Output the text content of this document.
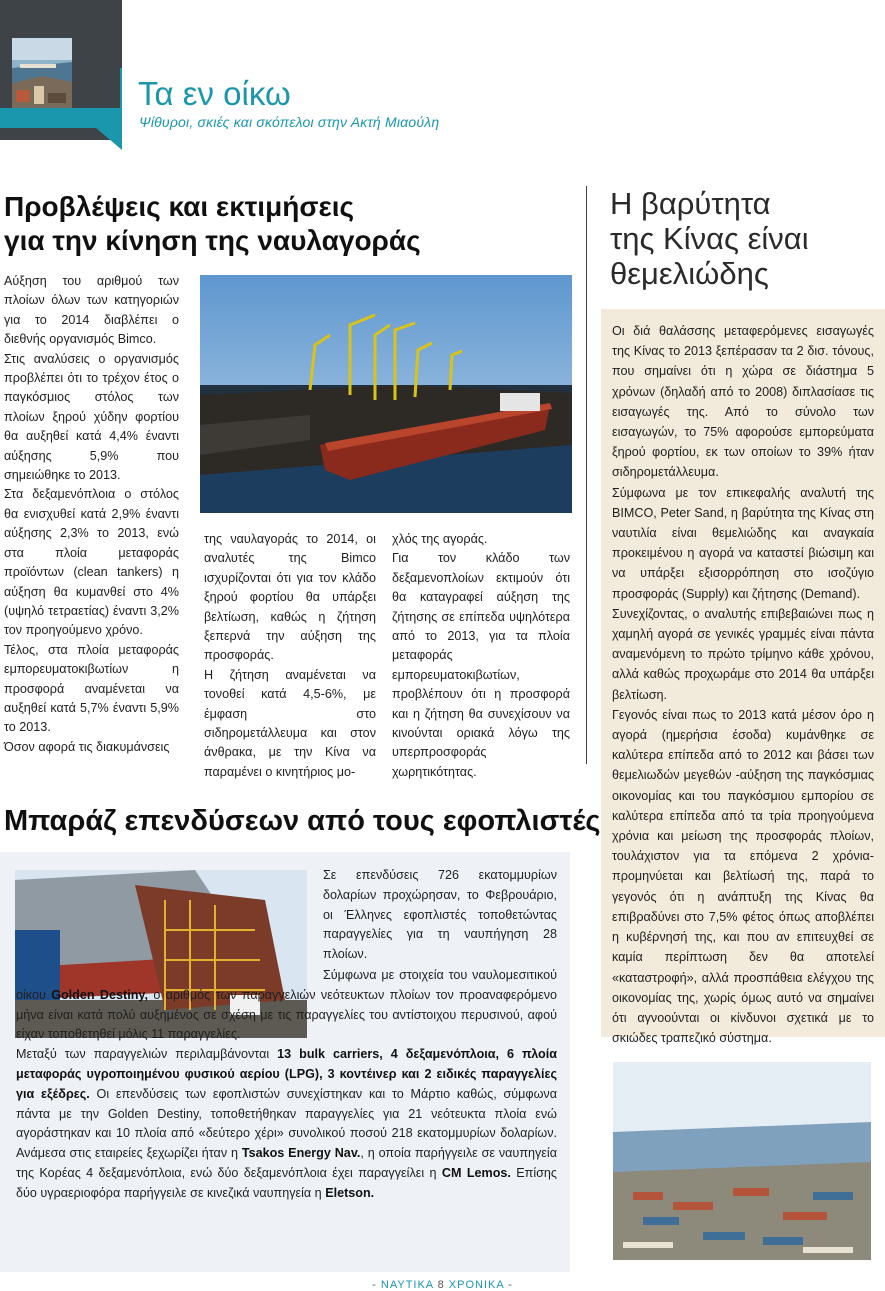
Τα εν οίκω
Ψίθυροι, σκιές και σκόπελοι στην Ακτή Μιαούλη
Προβλέψεις και εκτιμήσεις
για την κίνηση της ναυλαγοράς

Αύξηση του αριθμού των πλοίων όλων των κατηγοριών για το 2014 διαβλέπει ο διεθνής οργανισμός Bimco.

Στις αναλύσεις ο οργανισμός προβλέπει ότι το τρέχον έτος ο παγκόσμιος στόλος των πλοίων ξηρού χύδην φορτίου θα αυξηθεί κατά 4,4% έναντι αύξησης 5,9% που σημειώθηκε το 2013.

Στα δεξαμενόπλοια ο στόλος θα ενισχυθεί κατά 2,9% έναντι αύξησης 2,3% το 2013, ενώ στα πλοία μεταφοράς προϊόντων (clean tankers) η αύξηση θα κυμανθεί στο 4% (υψηλό τετραετίας) έναντι 3,2% τον προηγούμενο χρόνο.

Τέλος, στα πλοία μεταφοράς εμπορευματοκιβωτίων η προσφορά αναμένεται να αυξηθεί κατά 5,7% έναντι 5,9% το 2013.

Όσον αφορά τις διακυμάνσεις

της ναυλαγοράς το 2014, οι αναλυτές της Bimco ισχυρίζονται ότι για τον κλάδο ξηρού φορτίου θα υπάρξει βελτίωση, καθώς η ζήτηση ξεπερνά την αύξηση της προσφοράς.

Η ζήτηση αναμένεται να τονοθεί κατά 4,5-6%, με έμφαση στο σιδηρομετάλλευμα και στον άνθρακα, με την Κίνα να παραμένει ο κινητήριος μο-

χλός της αγοράς.

Για τον κλάδο των δεξαμενοπλοίων εκτιμούν ότι θα καταγραφεί αύξηση της ζήτησης σε επίπεδα υψηλότερα από το 2013, για τα πλοία μεταφοράς εμπορευματοκιβωτίων, προβλέπουν ότι η προσφορά και η ζήτηση θα συνεχίσουν να κινούνται οριακά λόγω της υπερπροσφοράς χωρητικότητας.

Η βαρύτητα
της Κίνας είναι
θεμελιώδης

Οι διά θαλάσσης μεταφερόμενες εισαγωγές της Κίνας το 2013 ξεπέρασαν τα 2 δισ. τόνους, που σημαίνει ότι η χώρα σε διάστημα 5 χρόνων (δηλαδή από το 2008) διπλασίασε τις εισαγωγές της. Από το σύνολο των εισαγωγών, το 75% αφορούσε εμπορεύματα ξηρού φορτίου, εκ των οποίων το 39% ήταν σιδηρομετάλλευμα.

Σύμφωνα με τον επικεφαλής αναλυτή της BIMCO, Peter Sand, η βαρύτητα της Κίνας στη ναυτιλία είναι θεμελιώδης και αναγκαία προκειμένου η αγορά να καταστεί βιώσιμη και να υπάρξει εξισορρόπηση στο ισοζύγιο προσφοράς (Supply) και ζήτησης (Demand).

Συνεχίζοντας, ο αναλυτής επιβεβαιώνει πως η χαμηλή αγορά σε γενικές γραμμές είναι πάντα αναμενόμενη το πρώτο τρίμηνο κάθε χρόνου, αλλά καθώς προχωράμε στο 2014 θα υπάρξει βελτίωση.

Γεγονός είναι πως το 2013 κατά μέσον όρο η αγορά (ημερήσια έσοδα) κυμάνθηκε σε καλύτερα επίπεδα από το 2012 και βάσει των θεμελιωδών μεγεθών -αύξηση της παγκόσμιας οικονομίας και του παγκόσμιου εμπορίου σε καλύτερα επίπεδα από τα τρία προηγούμενα χρόνια και μείωση της προσφοράς πλοίων, τουλάχιστον για τα επόμενα 2 χρόνια- προμηνύεται και βελτίωσή της, παρά το γεγονός ότι η ανάπτυξη της Κίνας θα επιβραδύνει στο 7,5% φέτος όπως αποβλέπει η κυβέρνησή της, και που αν επιτευχθεί σε καμία περίπτωση δεν θα αποτελεί «καταστροφή», αλλά προσπάθεια ελέγχου της οικονομίας της, χωρίς όμως αυτό να σημαίνει ότι αγνοούνται οι κίνδυνοι σχετικά με το σκιώδες τραπεζικό σύστημα.

Μπαράζ επενδύσεων από τους εφοπλιστές

Σε επενδύσεις 726 εκατομμυρίων δολαρίων προχώρησαν, το Φεβρουάριο, οι Έλληνες εφοπλιστές τοποθετώντας παραγγελίες για τη ναυπήγηση 28 πλοίων.

Σύμφωνα με στοιχεία του ναυλομεσιτικού οίκου Golden Destiny, ο αριθμός των παραγγελιών νεότευκτων πλοίων τον προαναφερόμενο μήνα είναι κατά πολύ αυξημένος σε σχέση με τις παραγγελίες του αντίστοιχου περυσινού, αφού είχαν τοποθετηθεί μόλις 11 παραγγελίες.

Μεταξύ των παραγγελιών περιλαμβάνονται 13 bulk carriers, 4 δεξαμενόπλοια, 6 πλοία μεταφοράς υγροποιημένου φυσικού αερίου (LPG), 3 κοντέινερ και 2 ειδικές παραγγελίες για εξέδρες. Οι επενδύσεις των εφοπλιστών συνεχίστηκαν και το Μάρτιο καθώς, σύμφωνα πάντα με την Golden Destiny, τοποθετήθηκαν παραγγελίες για 21 νεότευκτα πλοία ενώ αγοράστηκαν και 10 πλοία από «δεύτερο χέρι» συνολικού ποσού 218 εκατομμυρίων δολαρίων. Ανάμεσα στις εταιρείες ξεχωρίζει ήταν η Tsakos Energy Nav., η οποία παρήγγειλε σε ναυπηγεία της Κορέας 4 δεξαμενόπλοια, ενώ δύο δεξαμενόπλοια έχει παραγγείλει η CM Lemos. Επίσης δύο υγραεριοφόρα παρήγγειλε σε κινεζικά ναυπηγεία η Eletson.

- ΝΑΥΤΙΚΑ 8 ΧΡΟΝΙΚΑ -
